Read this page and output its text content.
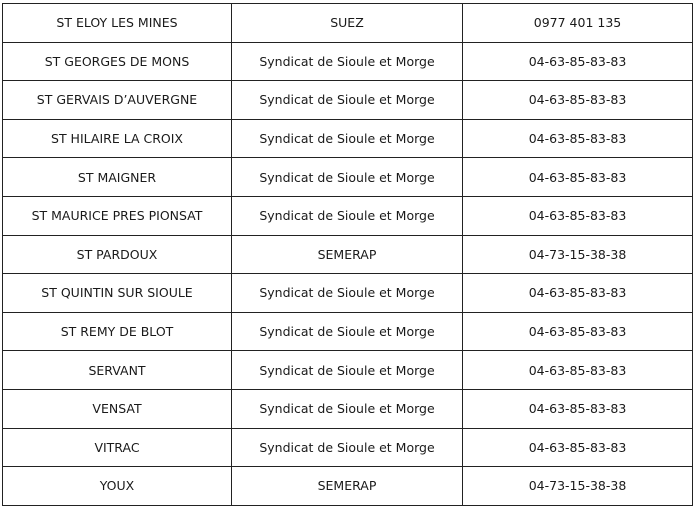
ST ELOY LES MINES	SUEZ	0977 401 135
ST GEORGES DE MONS	Syndicat de Sioule et Morge	04-63-85-83-83
ST GERVAIS D’AUVERGNE	Syndicat de Sioule et Morge	04-63-85-83-83
ST HILAIRE LA CROIX	Syndicat de Sioule et Morge	04-63-85-83-83
ST MAIGNER	Syndicat de Sioule et Morge	04-63-85-83-83
ST MAURICE PRES PIONSAT	Syndicat de Sioule et Morge	04-63-85-83-83
ST PARDOUX	SEMERAP	04-73-15-38-38
ST QUINTIN SUR SIOULE	Syndicat de Sioule et Morge	04-63-85-83-83
ST REMY DE BLOT	Syndicat de Sioule et Morge	04-63-85-83-83
SERVANT	Syndicat de Sioule et Morge	04-63-85-83-83
VENSAT	Syndicat de Sioule et Morge	04-63-85-83-83
VITRAC	Syndicat de Sioule et Morge	04-63-85-83-83
YOUX	SEMERAP	04-73-15-38-38
